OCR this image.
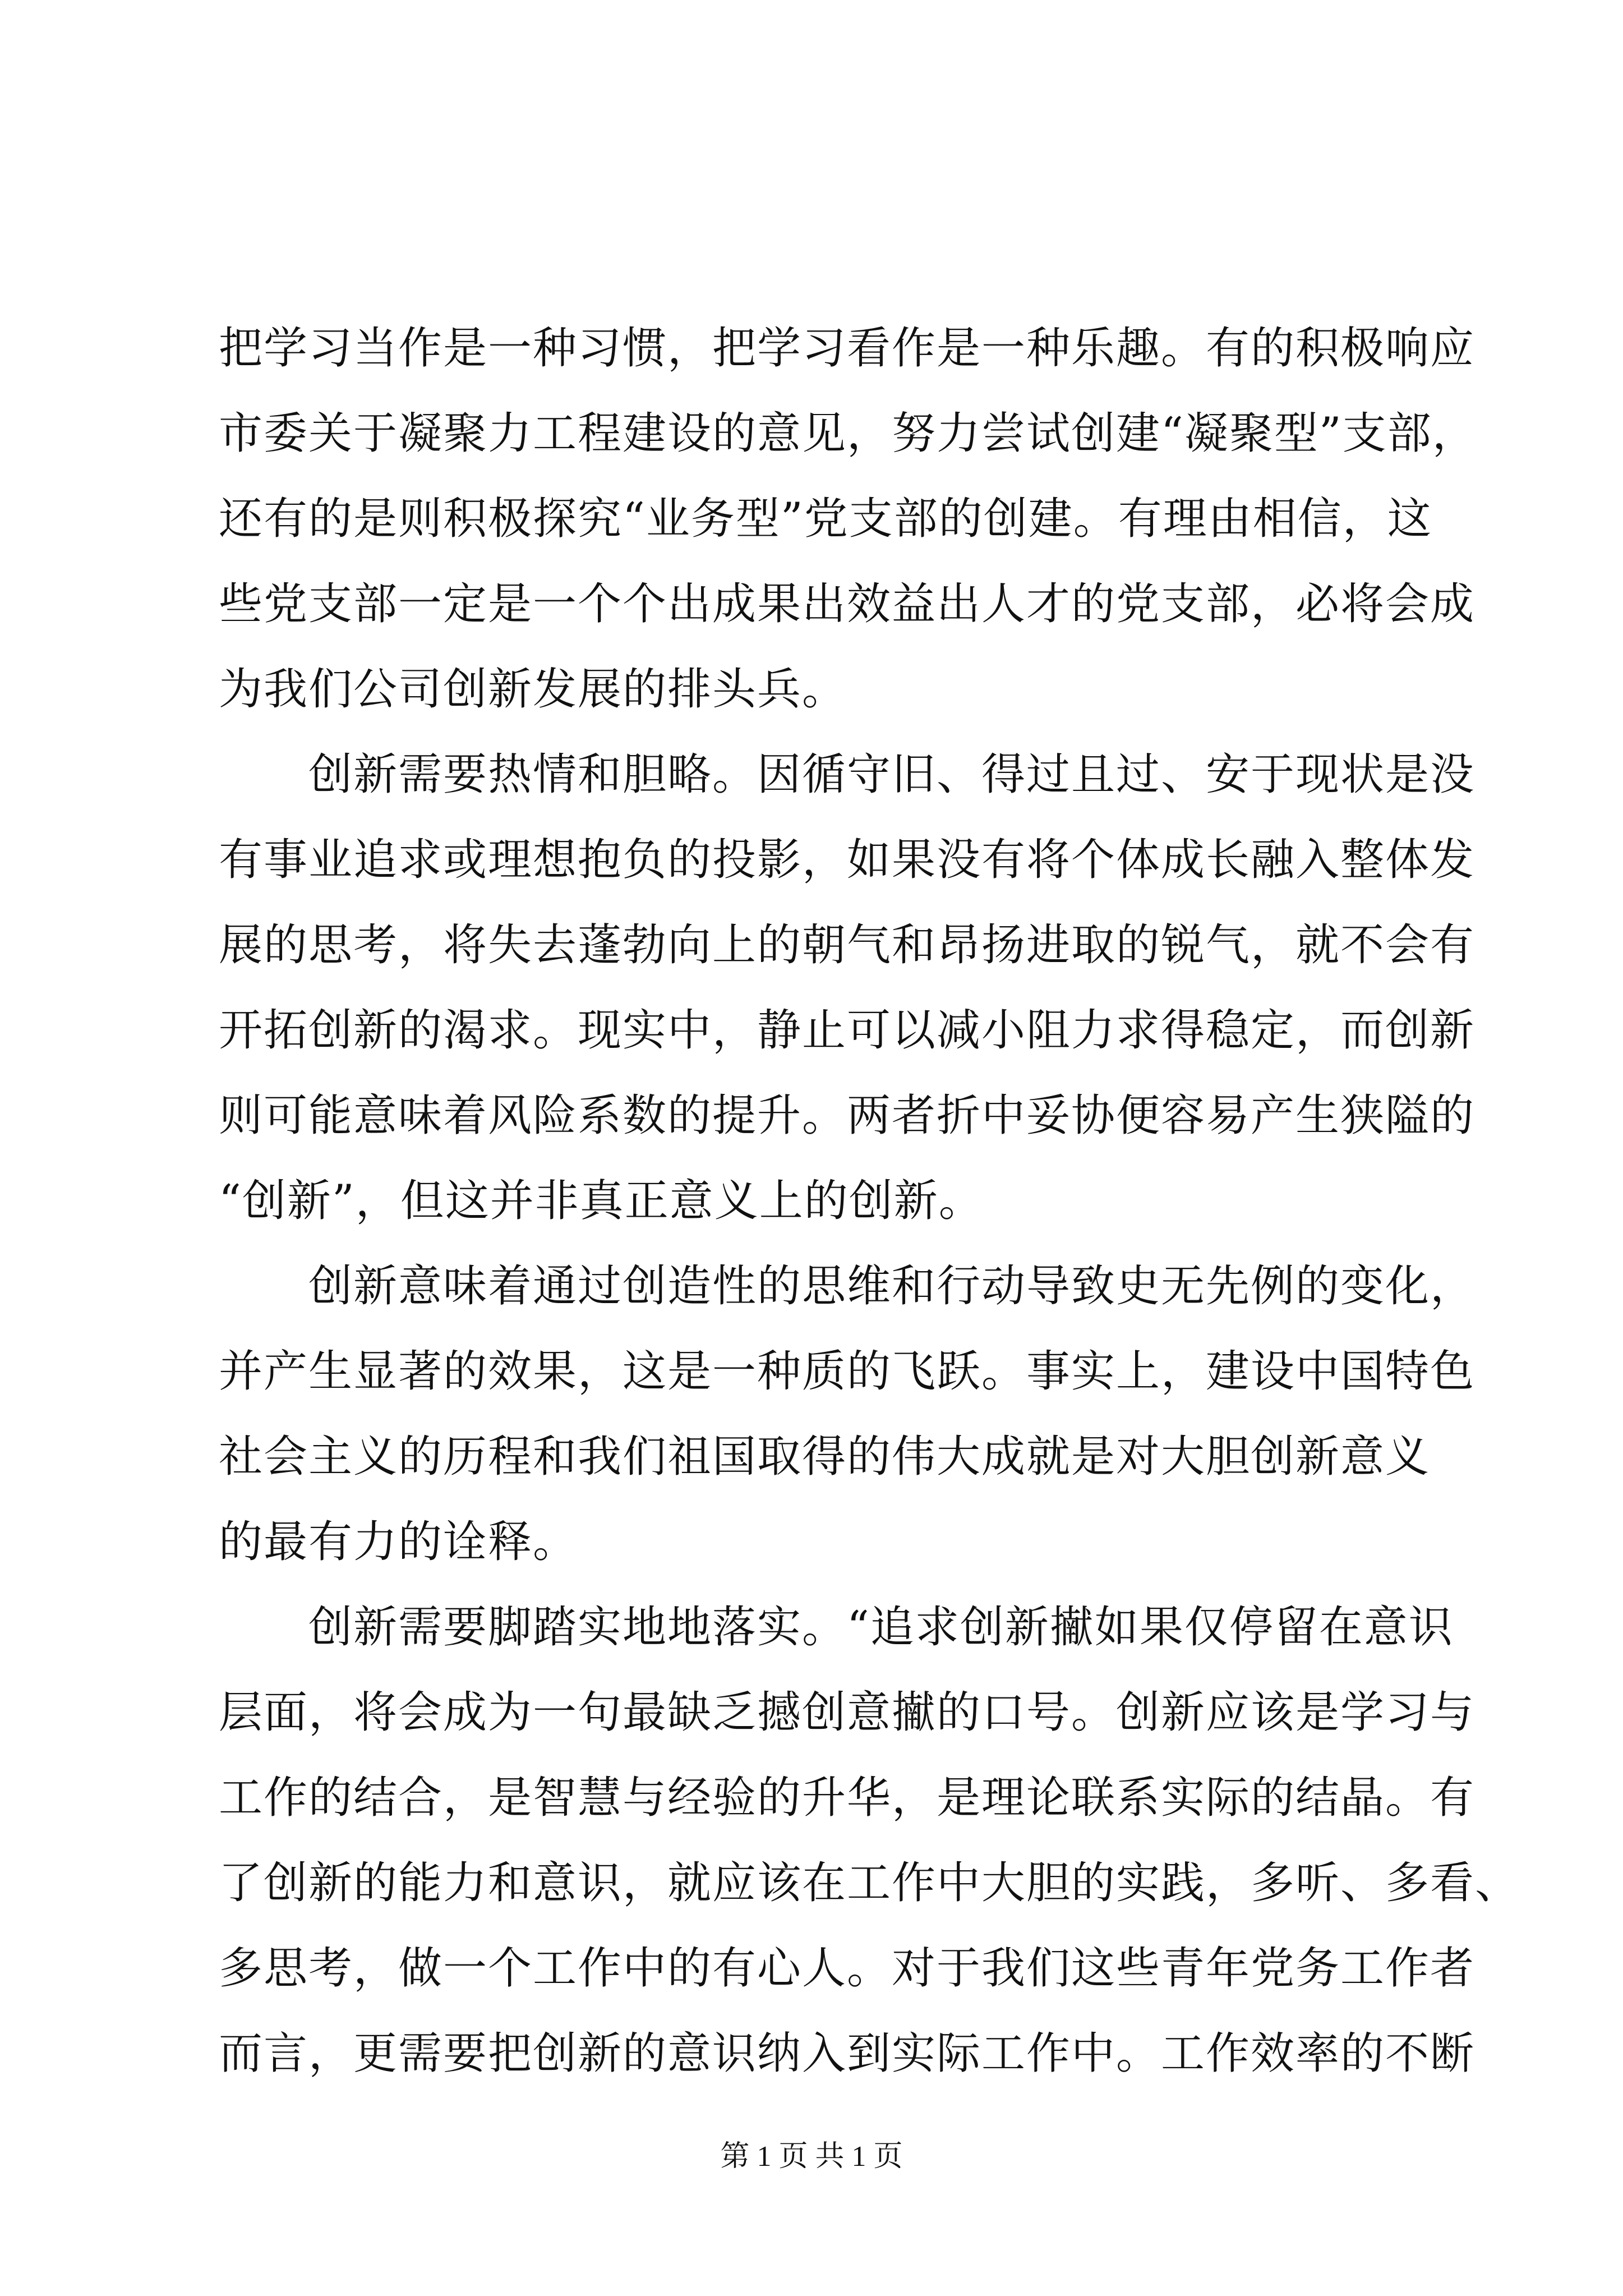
把学习当作是一种习惯，把学习看作是一种乐趣。有的积极响应
市委关于凝聚力工程建设的意见，努力尝试创建“凝聚型”支部，
还有的是则积极探究“业务型”党支部的创建。有理由相信，这
些党支部一定是一个个出成果出效益出人才的党支部，必将会成
为我们公司创新发展的排头兵。
创新需要热情和胆略。因循守旧、得过且过、安于现状是没
有事业追求或理想抱负的投影，如果没有将个体成长融入整体发
展的思考，将失去蓬勃向上的朝气和昂扬进取的锐气，就不会有
开拓创新的渴求。现实中，静止可以减小阻力求得稳定，而创新
则可能意味着风险系数的提升。两者折中妥协便容易产生狭隘的
“创新”，但这并非真正意义上的创新。
创新意味着通过创造性的思维和行动导致史无先例的变化，
并产生显著的效果，这是一种质的飞跃。事实上，建设中国特色
社会主义的历程和我们祖国取得的伟大成就是对大胆创新意义
的最有力的诠释。
创新需要脚踏实地地落实。“追求创新擜如果仅停留在意识
层面，将会成为一句最缺乏撼创意擜的口号。创新应该是学习与
工作的结合，是智慧与经验的升华，是理论联系实际的结晶。有
了创新的能力和意识，就应该在工作中大胆的实践，多听、多看、
多思考，做一个工作中的有心人。对于我们这些青年党务工作者
而言，更需要把创新的意识纳入到实际工作中。工作效率的不断
第 1 页 共 1 页
